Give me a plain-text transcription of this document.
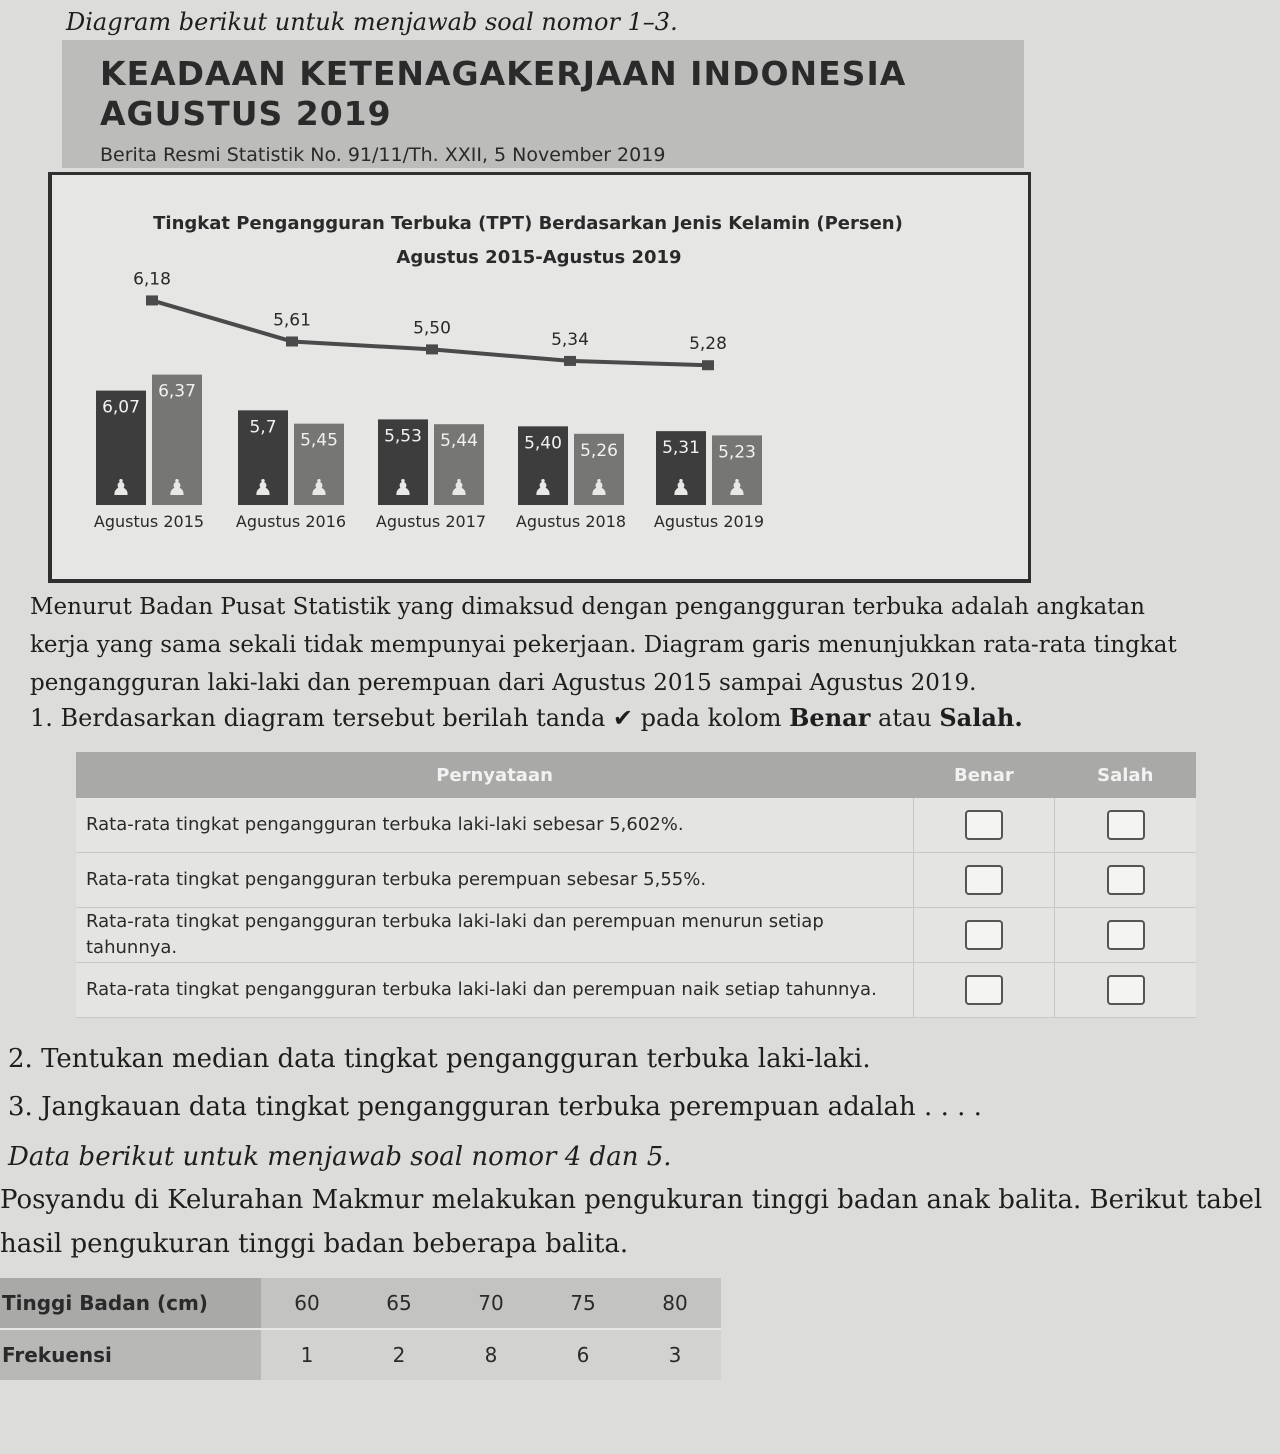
Diagram berikut untuk menjawab soal nomor 1–3.
KEADAAN KETENAGAKERJAAN INDONESIA
AGUSTUS 2019
Berita Resmi Statistik No. 91/11/Th. XXII, 5 November 2019
Tingkat Pengangguran Terbuka (TPT) Berdasarkan Jenis Kelamin (Persen)
Agustus 2015-Agustus 2019
6,07
♟
6,37
♟
Agustus 2015
5,7
♟
5,45
♟
Agustus 2016
5,53
♟
5,44
♟
Agustus 2017
5,40
♟
5,26
♟
Agustus 2018
5,31
♟
5,23
♟
Agustus 2019
6,18
5,61	5,50
5,34	5,28
Menurut Badan Pusat Statistik yang dimaksud dengan pengangguran terbuka adalah angkatan kerja yang sama sekali tidak mempunyai pekerjaan. Diagram garis menunjukkan rata-rata tingkat pengangguran laki-laki dan perempuan dari Agustus 2015 sampai Agustus 2019.
1. Berdasarkan diagram tersebut berilah tanda ✔ pada kolom Benar atau Salah.
Pernyataan	Benar	Salah
Rata-rata tingkat pengangguran terbuka laki-laki sebesar 5,602%.		
Rata-rata tingkat pengangguran terbuka perempuan sebesar 5,55%.		
Rata-rata tingkat pengangguran terbuka laki-laki dan perempuan menurun setiap tahunnya.		
Rata-rata tingkat pengangguran terbuka laki-laki dan perempuan naik setiap tahunnya.		
2. Tentukan median data tingkat pengangguran terbuka laki-laki.
3. Jangkauan data tingkat pengangguran terbuka perempuan adalah . . . .
Data berikut untuk menjawab soal nomor 4 dan 5.
Posyandu di Kelurahan Makmur melakukan pengukuran tinggi badan anak balita. Berikut tabel hasil pengukuran tinggi badan beberapa balita.
Tinggi Badan (cm)	60	65	70	75	80
Frekuensi	1	2	8	6	3
